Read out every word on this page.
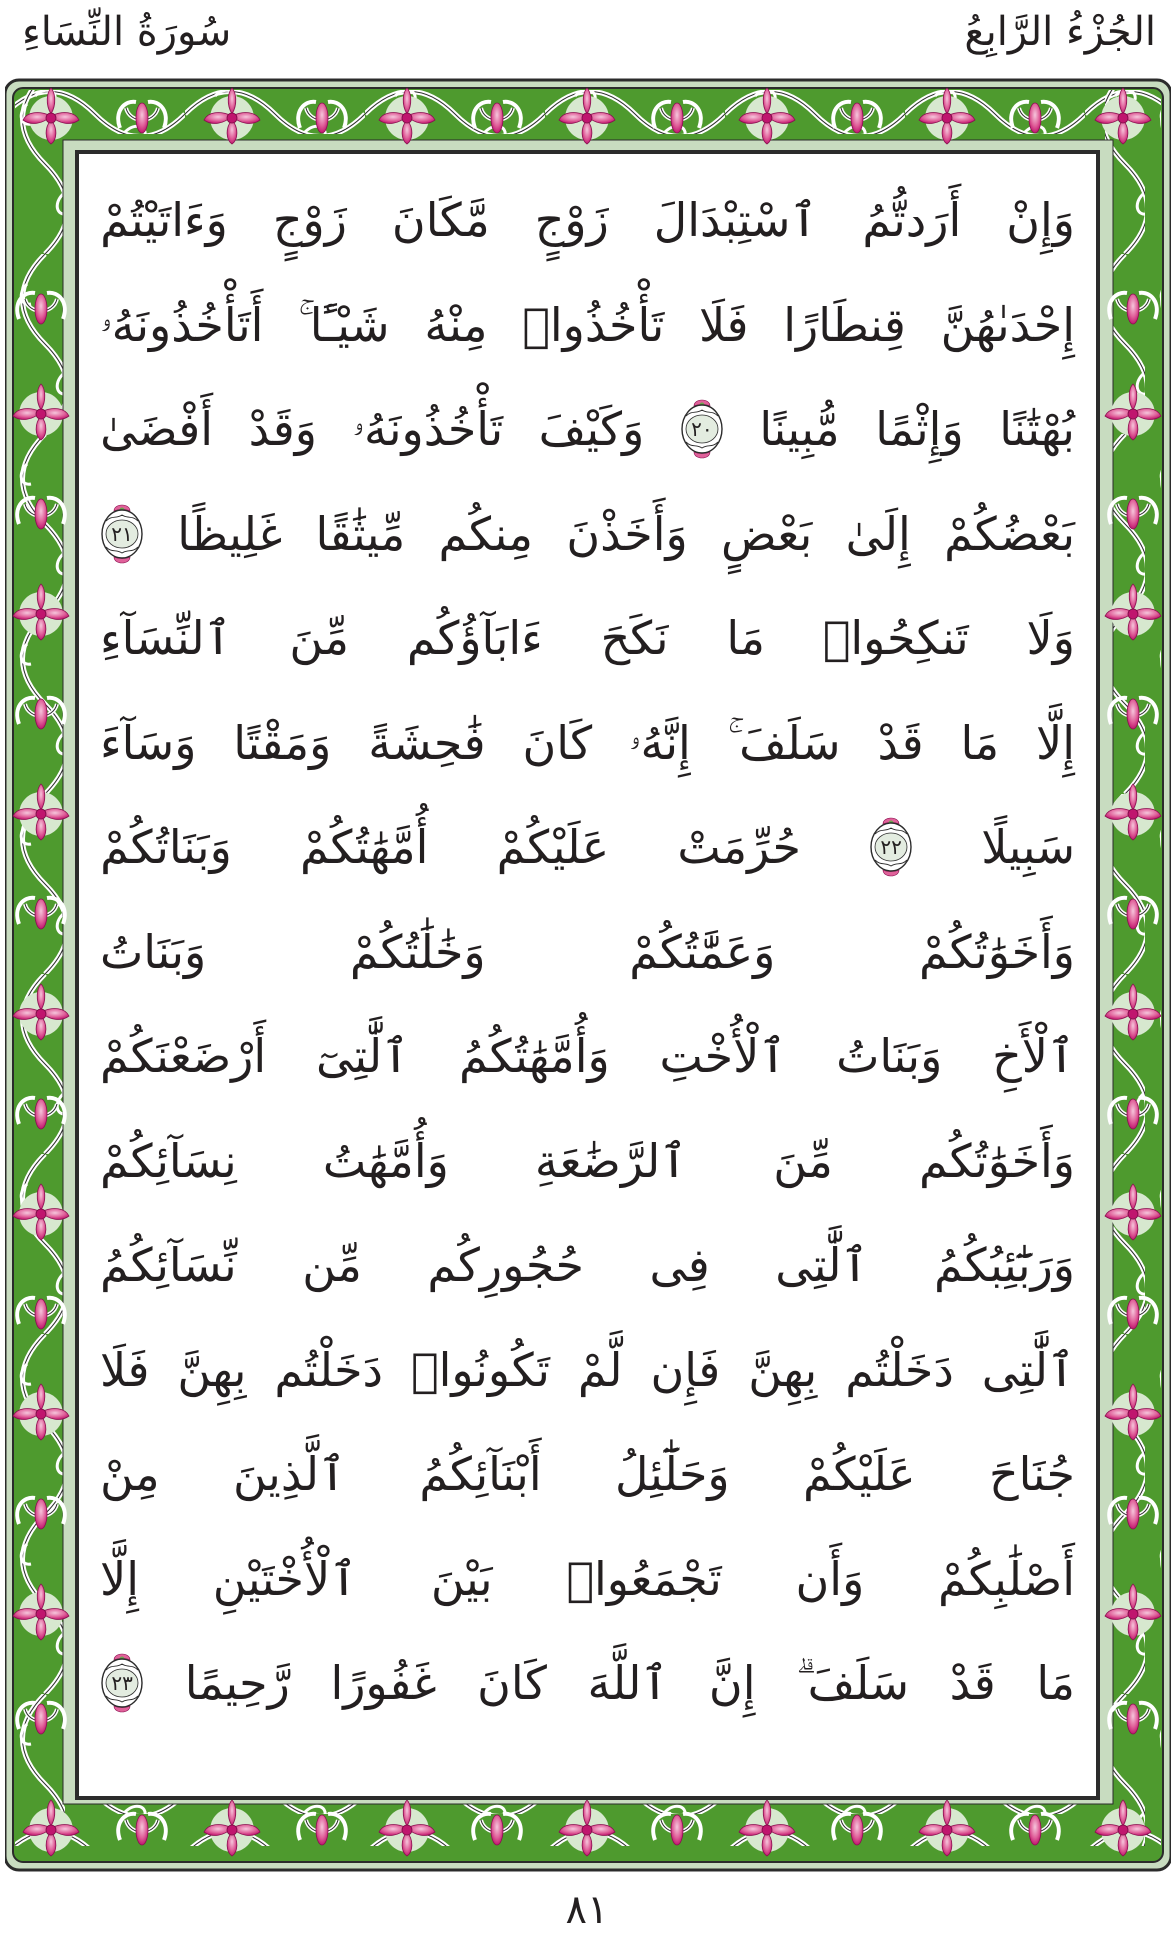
الجُزْءُ الرَّابِعُ
سُورَةُ النِّسَاءِ
وَإِنْ
أَرَدتُّمُ
ٱسْتِبْدَالَ
زَوْجٍ
مَّكَانَ
زَوْجٍ
وَءَاتَيْتُمْ
إِحْدَىٰهُنَّ
قِنطَارًا
فَلَا
تَأْخُذُوا۟
مِنْهُ
شَيْـًٔا ۚ
أَتَأْخُذُونَهُۥ
بُهْتَٰنًا
وَإِثْمًا
مُّبِينًا
٢٠
وَكَيْفَ
تَأْخُذُونَهُۥ
وَقَدْ
أَفْضَىٰ
بَعْضُكُمْ
إِلَىٰ
بَعْضٍ
وَأَخَذْنَ
مِنكُم
مِّيثَٰقًا
غَلِيظًا
٢١
وَلَا
تَنكِحُوا۟
مَا
نَكَحَ
ءَابَآؤُكُم
مِّنَ
ٱلنِّسَآءِ
إِلَّا
مَا
قَدْ
سَلَفَ ۚ
إِنَّهُۥ
كَانَ
فَٰحِشَةً
وَمَقْتًا
وَسَآءَ
سَبِيلًا
٢٢
حُرِّمَتْ
عَلَيْكُمْ
أُمَّهَٰتُكُمْ
وَبَنَاتُكُمْ
وَأَخَوَٰتُكُمْ
وَعَمَّٰتُكُمْ
وَخَٰلَٰتُكُمْ
وَبَنَاتُ
ٱلْأَخِ
وَبَنَاتُ
ٱلْأُخْتِ
وَأُمَّهَٰتُكُمُ
ٱلَّٰتِىٓ
أَرْضَعْنَكُمْ
وَأَخَوَٰتُكُم
مِّنَ
ٱلرَّضَٰعَةِ
وَأُمَّهَٰتُ
نِسَآئِكُمْ
وَرَبَٰٓئِبُكُمُ
ٱلَّٰتِى
فِى
حُجُورِكُم
مِّن
نِّسَآئِكُمُ
ٱلَّٰتِى
دَخَلْتُم
بِهِنَّ
فَإِن
لَّمْ
تَكُونُوا۟
دَخَلْتُم
بِهِنَّ
فَلَا
جُنَاحَ
عَلَيْكُمْ
وَحَلَٰٓئِلُ
أَبْنَآئِكُمُ
ٱلَّذِينَ
مِنْ
أَصْلَٰبِكُمْ
وَأَن
تَجْمَعُوا۟
بَيْنَ
ٱلْأُخْتَيْنِ
إِلَّا
مَا
قَدْ
سَلَفَ ۗ
إِنَّ
ٱللَّهَ
كَانَ
غَفُورًا
رَّحِيمًا
٢٣
٨١
